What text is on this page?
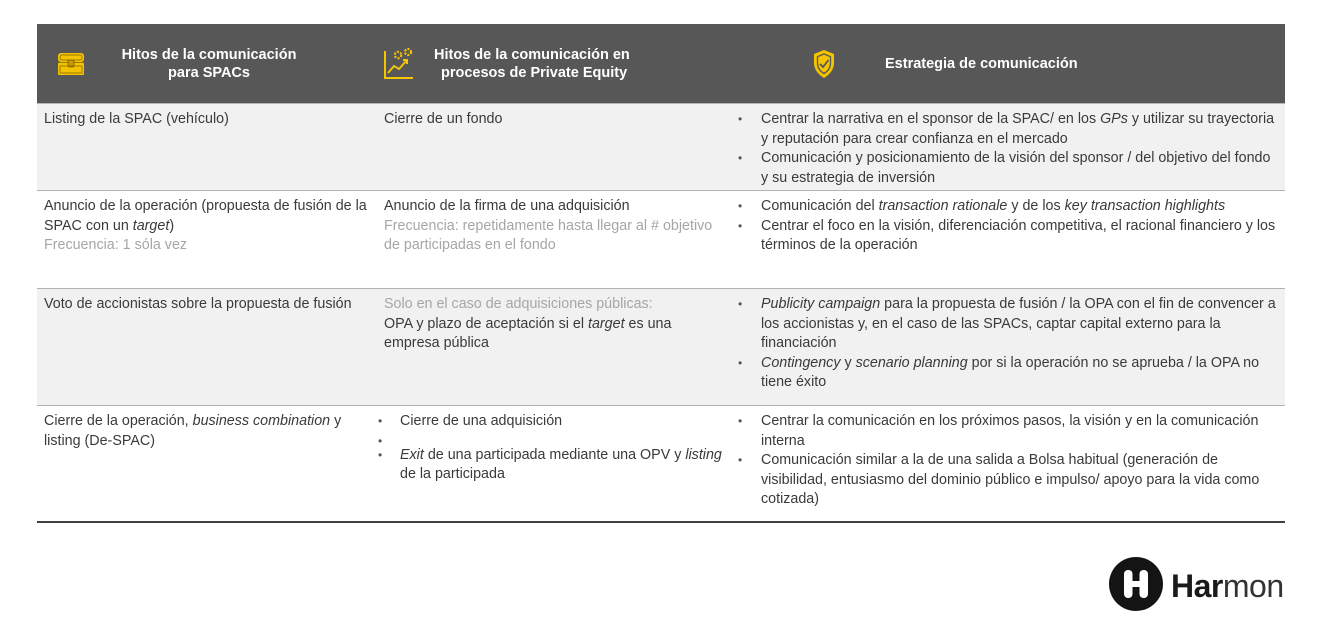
Hitos de la comunicación
para SPACs
Hitos de la comunicación en
procesos de Private Equity
Estrategia de comunicación
Listing de la SPAC (vehículo)	Cierre de un fondo
•	Centrar la narrativa en el sponsor de la SPAC/ en los GPs y utilizar su trayectoria y reputación para crear confianza en el mercado
• Comunicación y posicionamiento de la visión del sponsor / del objetivo del fondo y su estrategia de inversión
Anuncio de la operación (propuesta de fusión de la SPAC con un target)
Frecuencia: 1 sóla vez
Anuncio de la firma de una adquisición
Frecuencia: repetidamente hasta llegar al # objetivo de participadas en el fondo
• Comunicación del transaction rationale y de los key transaction highlights
• Centrar el foco en la visión, diferenciación competitiva, el racional financiero y los términos de la operación
Voto de accionistas sobre la propuesta de fusión	Solo en el caso de adquisiciones públicas:
OPA y plazo de aceptación si el target es una empresa pública
• Publicity campaign para la propuesta de fusión / la OPA con el fin de convencer a los accionistas y, en el caso de las SPACs, captar capital externo para la financiación
• Contingency y scenario planning por si la operación no se aprueba / la OPA no tiene éxito
Cierre de la operación, business combination y listing (De-SPAC)
• Cierre de una adquisición
•
• Exit de una participada mediante una OPV y listing de la participada
• Centrar la comunicación en los próximos pasos, la visión y en la comunicación interna
• Comunicación similar a la de una salida a Bolsa habitual (generación de visibilidad, entusiasmo del dominio público e impulso/ apoyo para la vida como cotizada)
Harmon
